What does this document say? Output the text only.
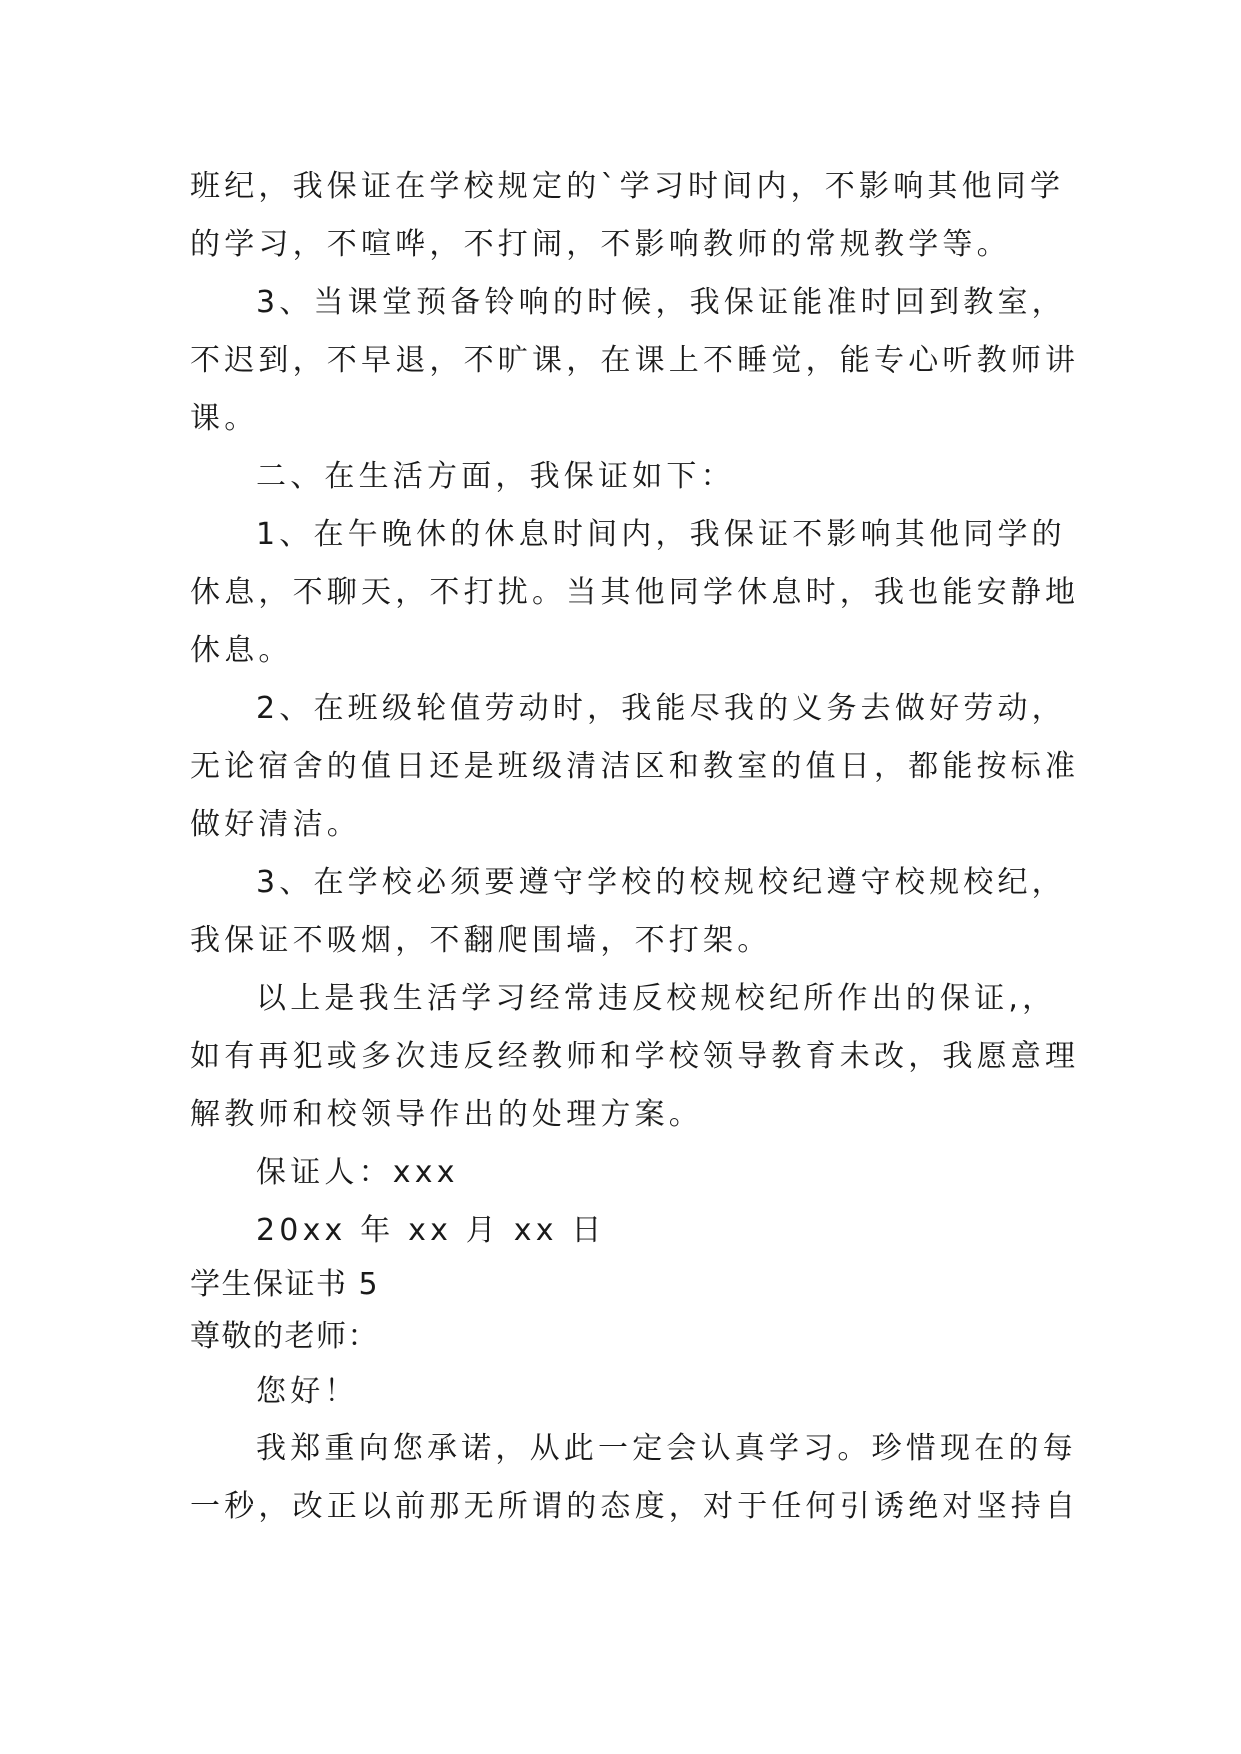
班纪，我保证在学校规定的`学习时间内，不影响其他同学

的学习，不喧哗，不打闹，不影响教师的常规教学等。

3、当课堂预备铃响的时候，我保证能准时回到教室，

不迟到，不早退，不旷课，在课上不睡觉，能专心听教师讲

课。

二、在生活方面，我保证如下：

1、在午晚休的休息时间内，我保证不影响其他同学的

休息，不聊天，不打扰。当其他同学休息时，我也能安静地

休息。

2、在班级轮值劳动时，我能尽我的义务去做好劳动，

无论宿舍的值日还是班级清洁区和教室的值日，都能按标准

做好清洁。

3、在学校必须要遵守学校的校规校纪遵守校规校纪，

我保证不吸烟，不翻爬围墙，不打架。

以上是我生活学习经常违反校规校纪所作出的保证,，

如有再犯或多次违反经教师和学校领导教育未改，我愿意理

解教师和校领导作出的处理方案。

保证人：xxx

20xx 年 xx 月 xx 日

学生保证书 5

尊敬的老师：

您好！

我郑重向您承诺，从此一定会认真学习。珍惜现在的每

一秒，改正以前那无所谓的态度，对于任何引诱绝对坚持自
